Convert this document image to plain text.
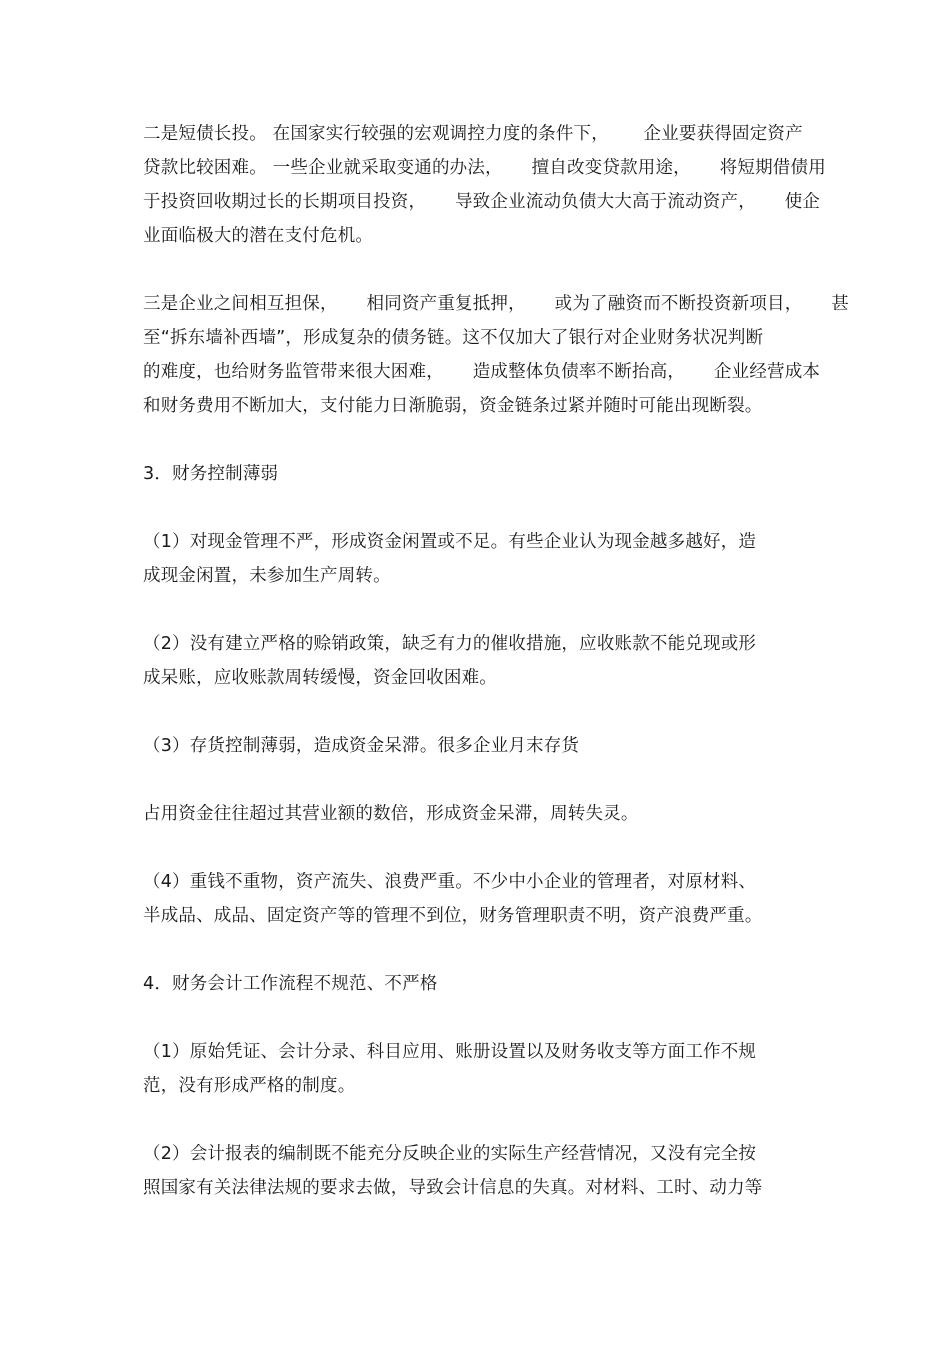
二是短债长投。 在国家实行较强的宏观调控力度的条件下，      企业要获得固定资产
贷款比较困难。 一些企业就采取变通的办法，     擅自改变贷款用途，     将短期借债用
于投资回收期过长的长期项目投资，     导致企业流动负债大大高于流动资产，     使企
业面临极大的潜在支付危机。
三是企业之间相互担保，     相同资产重复抵押，     或为了融资而不断投资新项目，     甚
至“拆东墙补西墙”，形成复杂的债务链。这不仅加大了银行对企业财务状况判断
的难度，也给财务监管带来很大困难，     造成整体负债率不断抬高，     企业经营成本
和财务费用不断加大，支付能力日渐脆弱，资金链条过紧并随时可能出现断裂。
3．财务控制薄弱
（1）对现金管理不严，形成资金闲置或不足。有些企业认为现金越多越好，造
成现金闲置，未参加生产周转。
（2）没有建立严格的赊销政策，缺乏有力的催收措施，应收账款不能兑现或形
成呆账，应收账款周转缓慢，资金回收困难。
（3）存货控制薄弱，造成资金呆滞。很多企业月末存货
占用资金往往超过其营业额的数倍，形成资金呆滞，周转失灵。
（4）重钱不重物，资产流失、浪费严重。不少中小企业的管理者，对原材料、
半成品、成品、固定资产等的管理不到位，财务管理职责不明，资产浪费严重。
4．财务会计工作流程不规范、不严格
（1）原始凭证、会计分录、科目应用、账册设置以及财务收支等方面工作不规
范，没有形成严格的制度。
（2）会计报表的编制既不能充分反映企业的实际生产经营情况，又没有完全按
照国家有关法律法规的要求去做，导致会计信息的失真。对材料、工时、动力等
